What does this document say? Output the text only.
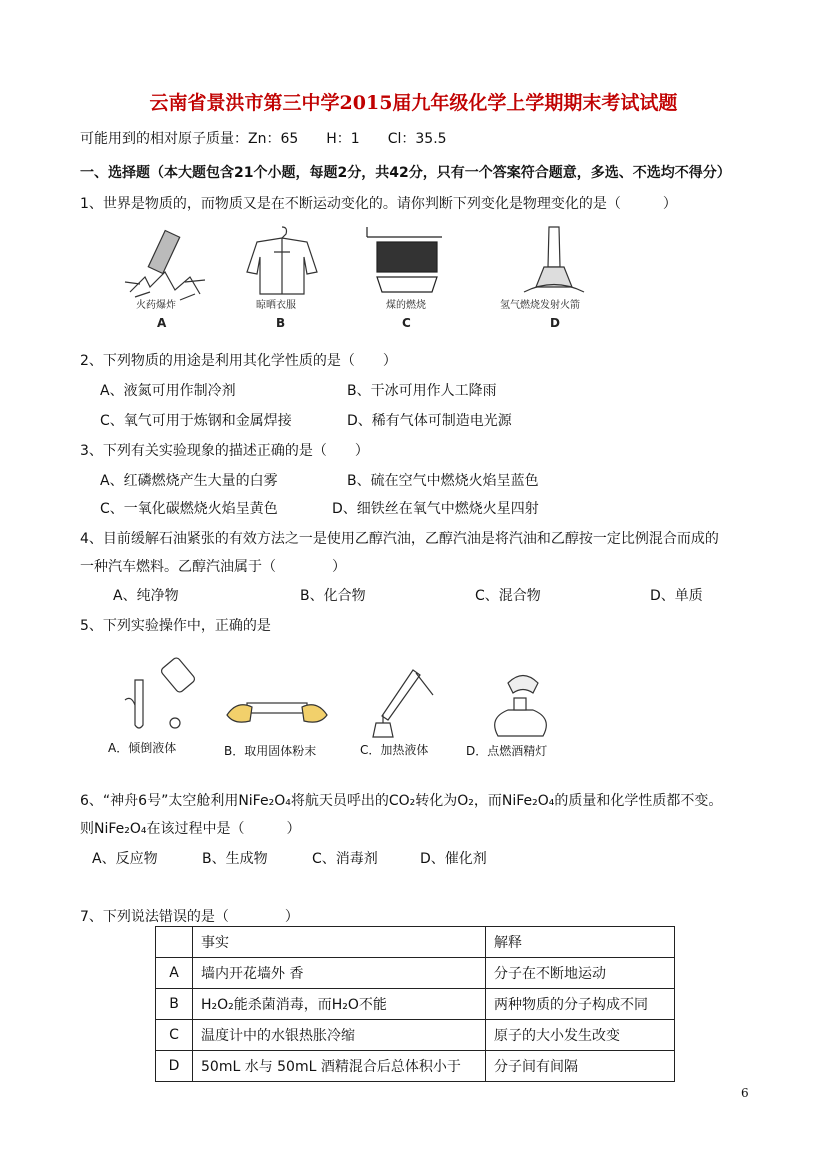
云南省景洪市第三中学2015届九年级化学上学期期末考试试题
可能用到的相对原子质量：Zn：65　　H：1　　Cl：35.5
一、选择题（本大题包含21个小题，每题2分，共42分，只有一个答案符合题意，多选、不选均不得分）
1、世界是物质的，而物质又是在不断运动变化的。请你判断下列变化是物理变化的是（　　　）
火药爆炸
A
晾晒衣服
B
煤的燃烧
C
氢气燃烧发射火箭
D
2、下列物质的用途是利用其化学性质的是（　　）
A、液氮可用作制冷剂	B、干冰可用作人工降雨
C、氧气可用于炼钢和金属焊接	D、稀有气体可制造电光源
3、下列有关实验现象的描述正确的是（　　）
A、红磷燃烧产生大量的白雾	B、硫在空气中燃烧火焰呈蓝色
C、一氧化碳燃烧火焰呈黄色	D、细铁丝在氧气中燃烧火星四射
4、目前缓解石油紧张的有效方法之一是使用乙醇汽油，乙醇汽油是将汽油和乙醇按一定比例混合而成的
一种汽车燃料。乙醇汽油属于（　　　　）
A、纯净物	B、化合物	C、混合物	D、单质
5、下列实验操作中，正确的是
A．倾倒液体	B．取用固体粉末	C．加热液体	D．点燃酒精灯
6、“神舟6号”太空舱利用NiFe₂O₄将航天员呼出的CO₂转化为O₂，而NiFe₂O₄的质量和化学性质都不变。
则NiFe₂O₄在该过程中是（　　　）
A、反应物	B、生成物	C、消毒剂	D、催化剂
7、下列说法错误的是（　　　　）
	事实	解释
A	墙内开花墙外 香	分子在不断地运动
B	H₂O₂能杀菌消毒，而H₂O不能	两种物质的分子构成不同
C	温度计中的水银热胀冷缩	原子的大小发生改变
D	50mL 水与 50mL 酒精混合后总体积小于	分子间有间隔
6
